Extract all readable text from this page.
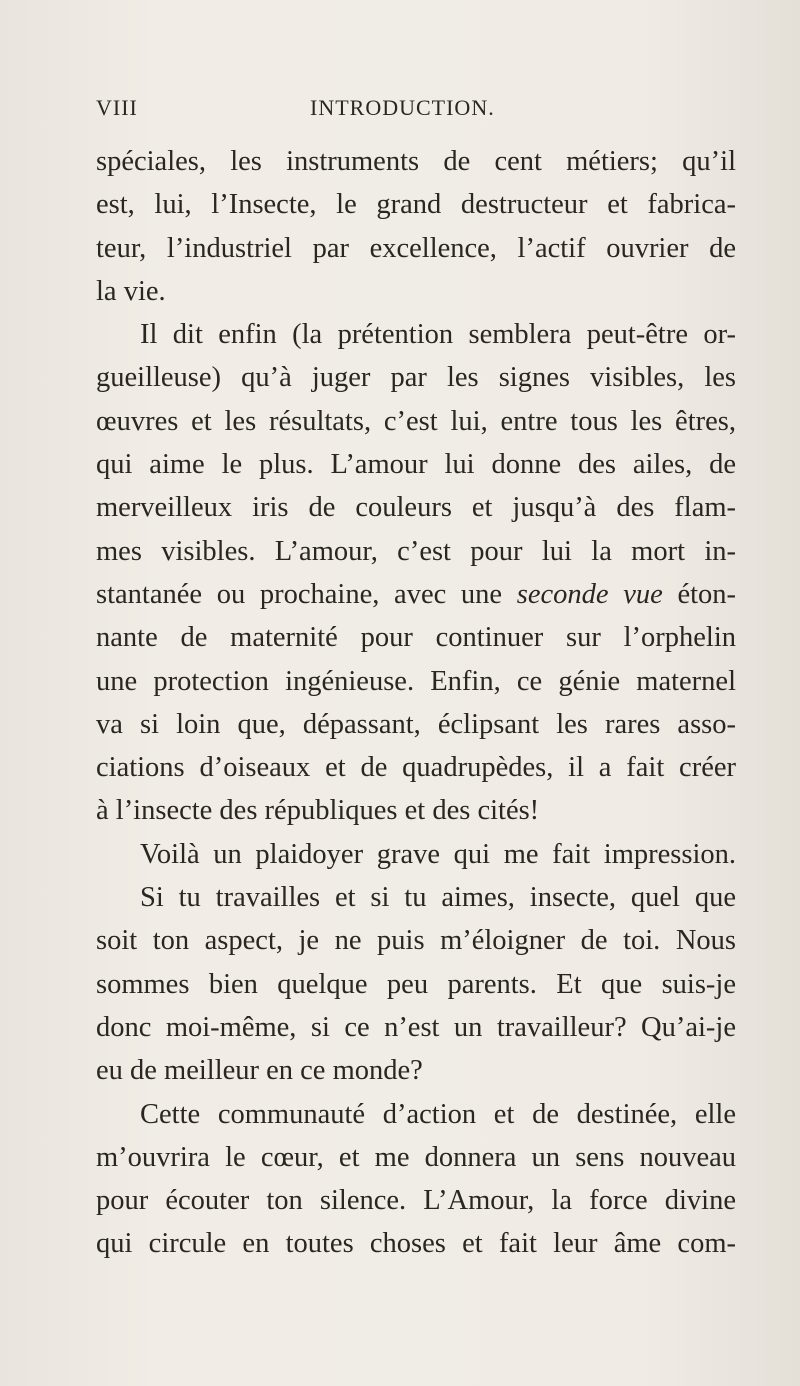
VIII	INTRODUCTION.
spéciales, les instruments de cent métiers; qu’il
est, lui, l’Insecte, le grand destructeur et fabrica-
teur, l’industriel par excellence, l’actif ouvrier de
la vie.
Il dit enfin (la prétention semblera peut-être or-
gueilleuse) qu’à juger par les signes visibles, les
œuvres et les résultats, c’est lui, entre tous les êtres,
qui aime le plus. L’amour lui donne des ailes, de
merveilleux iris de couleurs et jusqu’à des flam-
mes visibles. L’amour, c’est pour lui la mort in-
stantanée ou prochaine, avec une seconde vue éton-
nante de maternité pour continuer sur l’orphelin
une protection ingénieuse. Enfin, ce génie maternel
va si loin que, dépassant, éclipsant les rares asso-
ciations d’oiseaux et de quadrupèdes, il a fait créer
à l’insecte des républiques et des cités!
Voilà un plaidoyer grave qui me fait impression.
Si tu travailles et si tu aimes, insecte, quel que
soit ton aspect, je ne puis m’éloigner de toi. Nous
sommes bien quelque peu parents. Et que suis-je
donc moi-même, si ce n’est un travailleur? Qu’ai-je
eu de meilleur en ce monde?
Cette communauté d’action et de destinée, elle
m’ouvrira le cœur, et me donnera un sens nouveau
pour écouter ton silence. L’Amour, la force divine
qui circule en toutes choses et fait leur âme com-
